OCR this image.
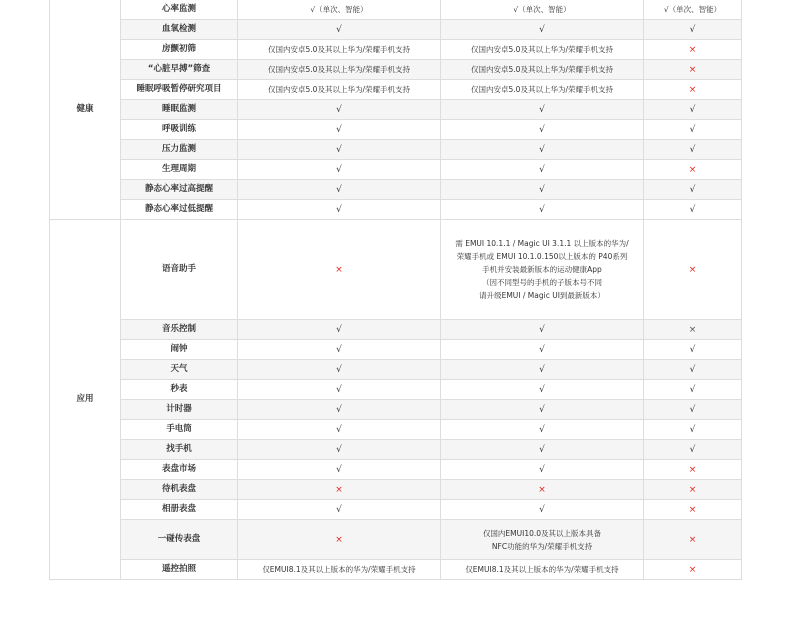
健康	心率监测	√（单次、智能）	√（单次、智能）	√（单次、智能）
	血氧检测	√	√	√
	房颤初筛	仅国内安卓5.0及其以上华为/荣耀手机支持	仅国内安卓5.0及其以上华为/荣耀手机支持	×
	“心脏早搏”筛查	仅国内安卓5.0及其以上华为/荣耀手机支持	仅国内安卓5.0及其以上华为/荣耀手机支持	×
	睡眠呼吸暂停研究项目	仅国内安卓5.0及其以上华为/荣耀手机支持	仅国内安卓5.0及其以上华为/荣耀手机支持	×
	睡眠监测	√	√	√
	呼吸训练	√	√	√
	压力监测	√	√	√
	生理周期	√	√	×
	静态心率过高提醒	√	√	√
	静态心率过低提醒	√	√	√
应用	语音助手	×	需 EMUI 10.1.1 / Magic UI 3.1.1 以上版本的华为/
荣耀手机或 EMUI 10.1.0.150以上版本的 P40系列
手机并安装最新版本的运动健康App
（因不同型号的手机的子版本号不同
请升级EMUI / Magic UI到最新版本）	×
	音乐控制	√	√	×
	闹钟	√	√	√
	天气	√	√	√
	秒表	√	√	√
	计时器	√	√	√
	手电筒	√	√	√
	找手机	√	√	√
	表盘市场	√	√	×
	待机表盘	×	×	×
	相册表盘	√	√	×
	一碰传表盘	×	仅国内EMUI10.0及其以上版本具备
NFC功能的华为/荣耀手机支持	×
	遥控拍照	仅EMUI8.1及其以上版本的华为/荣耀手机支持	仅EMUI8.1及其以上版本的华为/荣耀手机支持	×
